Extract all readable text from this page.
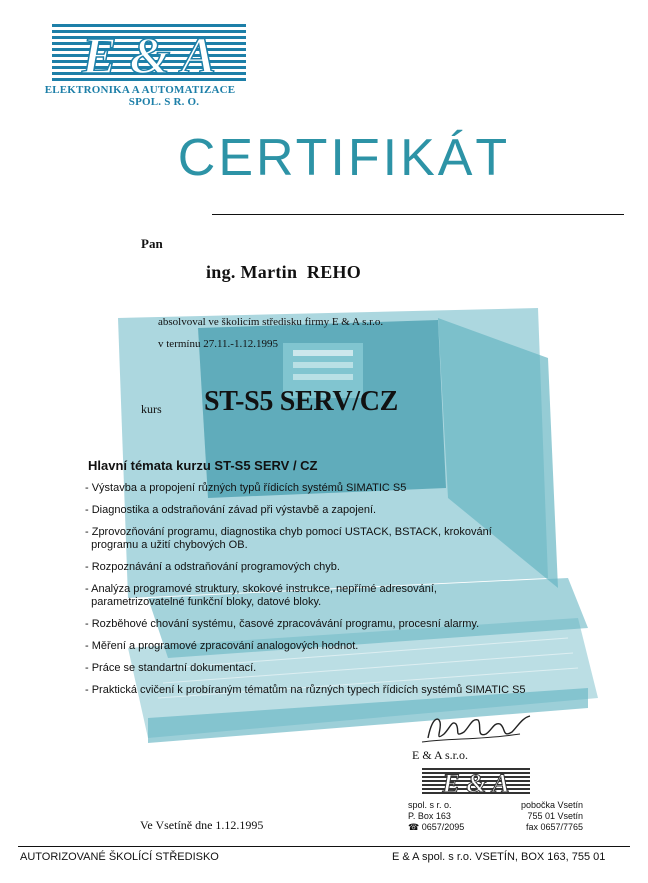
E & A
ELEKTRONIKA A AUTOMATIZACE
SPOL. S R. O.
CERTIFIKÁT
Pan
ing. Martin  REHO
absolvoval ve školicím středisku firmy E & A s.r.o.
v termínu 27.11.-1.12.1995
kurs ST-S5 SERV/CZ
Hlavní témata kurzu ST-S5 SERV / CZ
- Výstavba a propojení různých typů řídicích systémů SIMATIC S5
- Diagnostika a odstraňování závad při výstavbě a zapojení.
- Zprovozňování programu, diagnostika chyb pomocí USTACK, BSTACK, krokování
programu a užití chybových OB.
- Rozpoznávání a odstraňování programových chyb.
- Analýza programové struktury, skokové instrukce, nepřímé adresování,
parametrizovatelné funkční bloky, datové bloky.
- Rozběhové chování systému, časové zpracovávání programu, procesní alarmy.
- Měření a programové zpracování analogových hodnot.
- Práce se standartní dokumentací.
- Praktická cvičení k probíraným tématům na různých typech řídicích systémů SIMATIC S5
E & A s.r.o.
E & A
spol. s r. o.	pobočka Vsetín
P. Box 163	755 01 Vsetín
☎ 0657/2095	fax 0657/7765
Ve Vsetíně dne 1.12.1995
AUTORIZOVANÉ ŠKOLÍCÍ STŘEDISKO	E & A spol. s r.o. VSETÍN, BOX 163, 755 01
